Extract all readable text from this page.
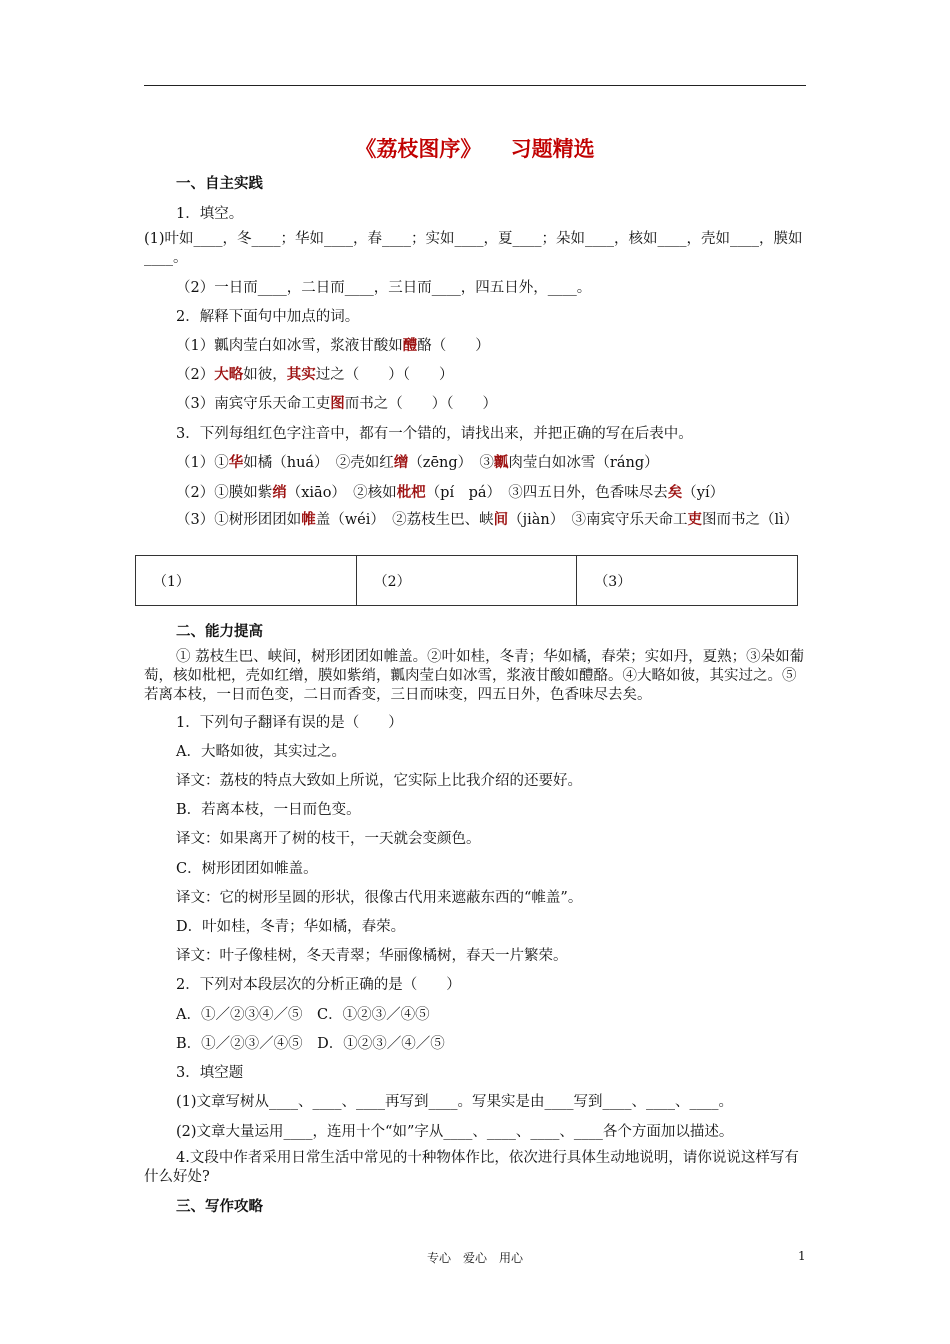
《荔枝图序》    习题精选
一、自主实践
1．填空。
(1)叶如____，冬____；华如____，春____；实如____，夏____；朵如____，核如____，壳如____，膜如____。
（2）一日而____，二日而____，三日而____，四五日外，____。
2．解释下面句中加点的词。
（1）瓤肉莹白如冰雪，浆液甘酸如醴酪（　　）
（2）大略如彼，其实过之（　　）（　　）
（3）南宾守乐天命工吏图而书之（　　）（　　）
3．下列每组红色字注音中，都有一个错的，请找出来，并把正确的写在后表中。
（1）①华如橘（huá）　②壳如红缯（zēng）　③瓤肉莹白如冰雪（ráng）
（2）①膜如紫绡（xiāo）　②核如枇杷（pí　pá）　③四五日外，色香味尽去矣（yí）
（3）①树形团团如帷盖（wéi）　②荔枝生巴、峡间（jiàn）　③南宾守乐天命工吏图而书之（lì）
（1）	（2）	（3）
二、能力提高
① 荔枝生巴、峡间，树形团团如帷盖。②叶如桂，冬青；华如橘，春荣；实如丹，夏熟；③朵如葡萄，核如枇杷，壳如红缯，膜如紫绡，瓤肉莹白如冰雪，浆液甘酸如醴酪。④大略如彼，其实过之。⑤若离本枝，一日而色变，二日而香变，三日而味变，四五日外，色香味尽去矣。
1．下列句子翻译有误的是（　　）
A．大略如彼，其实过之。
译文：荔枝的特点大致如上所说，它实际上比我介绍的还要好。
B．若离本枝，一日而色变。
译文：如果离开了树的枝干，一天就会变颜色。
C．树形团团如帷盖。
译文：它的树形呈圆的形状，很像古代用来遮蔽东西的“帷盖”。
D．叶如桂，冬青；华如橘，春荣。
译文：叶子像桂树，冬天青翠；华丽像橘树，春天一片繁荣。
2．下列对本段层次的分析正确的是（　　）
A．①／②③④／⑤　C．①②③／④⑤
B．①／②③／④⑤　D．①②③／④／⑤
3．填空题
(1)文章写树从____、____、____再写到____。写果实是由____写到____、____、____。
(2)文章大量运用____，连用十个“如”字从____、____、____、____各个方面加以描述。
4.文段中作者采用日常生活中常见的十种物体作比，依次进行具体生动地说明，请你说说这样写有什么好处?
三、写作攻略
专心　爱心　用心	1
